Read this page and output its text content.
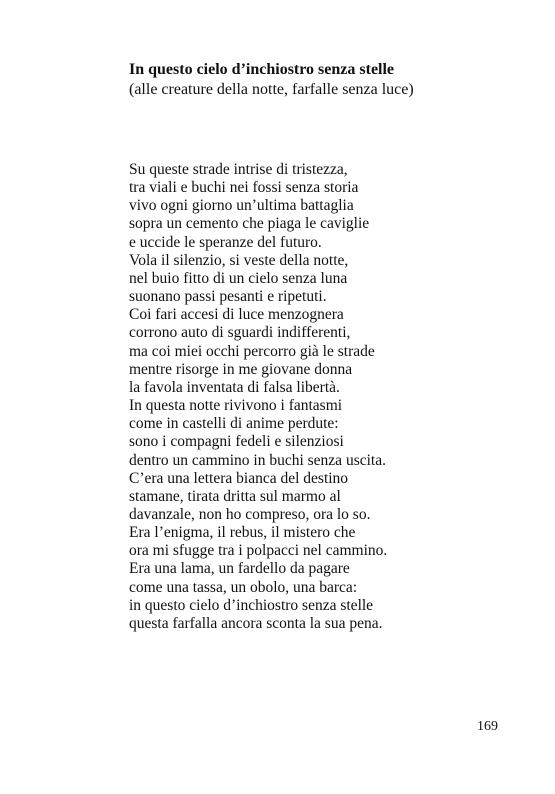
In questo cielo d’inchiostro senza stelle
(alle creature della notte, farfalle senza luce)
Su queste strade intrise di tristezza,
tra viali e buchi nei fossi senza storia
vivo ogni giorno un’ultima battaglia
sopra un cemento che piaga le caviglie
e uccide le speranze del futuro.
Vola il silenzio, si veste della notte,
nel buio fitto di un cielo senza luna
suonano passi pesanti e ripetuti.
Coi fari accesi di luce menzognera
corrono auto di sguardi indifferenti,
ma coi miei occhi percorro già le strade
mentre risorge in me giovane donna
la favola inventata di falsa libertà.
In questa notte rivivono i fantasmi
come in castelli di anime perdute:
sono i compagni fedeli e silenziosi
dentro un cammino in buchi senza uscita.
C’era una lettera bianca del destino
stamane, tirata dritta sul marmo al
davanzale, non ho compreso, ora lo so.
Era l’enigma, il rebus, il mistero che
ora mi sfugge tra i polpacci nel cammino.
Era una lama, un fardello da pagare
come una tassa, un obolo, una barca:
in questo cielo d’inchiostro senza stelle
questa farfalla ancora sconta la sua pena.
169
